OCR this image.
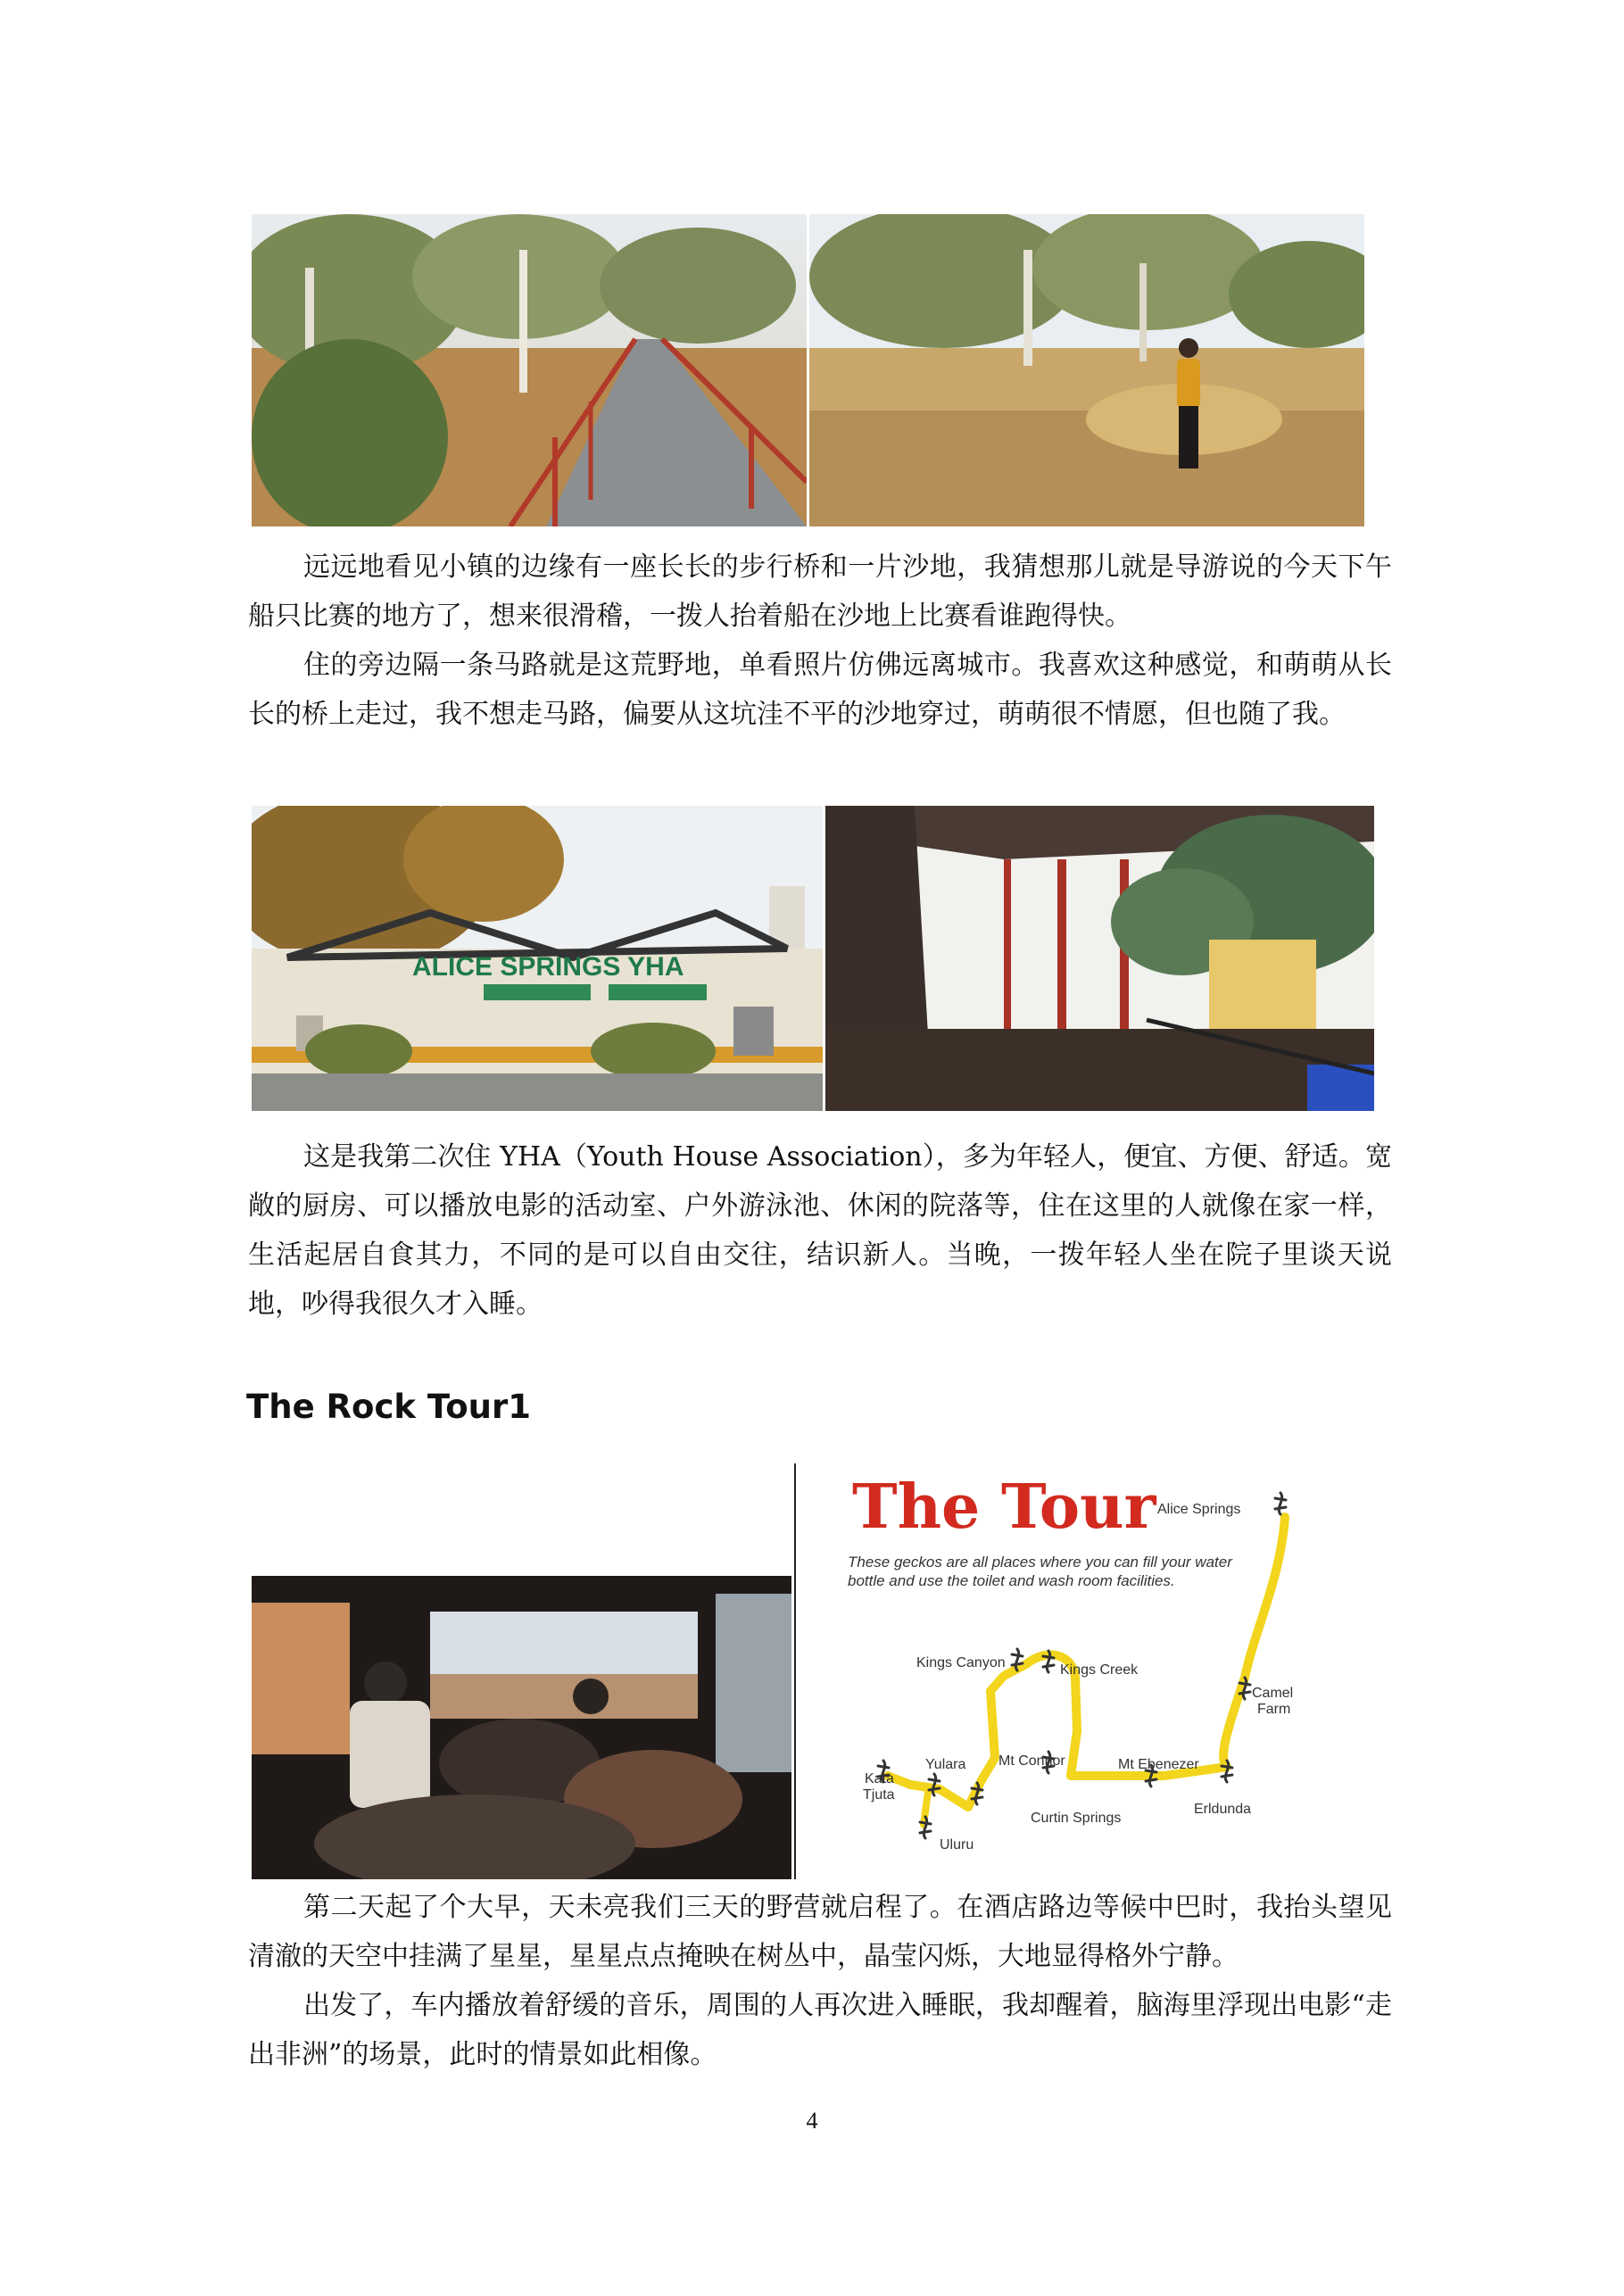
远远地看见小镇的边缘有一座长长的步行桥和一片沙地，我猜想那儿就是导游说的今天下午船只比赛的地方了，想来很滑稽，一拨人抬着船在沙地上比赛看谁跑得快。

住的旁边隔一条马路就是这荒野地，单看照片仿佛远离城市。我喜欢这种感觉，和萌萌从长长的桥上走过，我不想走马路，偏要从这坑洼不平的沙地穿过，萌萌很不情愿，但也随了我。

ALICE SPRINGS YHA

这是我第二次住 YHA（Youth House Association），多为年轻人，便宜、方便、舒适。宽敞的厨房、可以播放电影的活动室、户外游泳池、休闲的院落等，住在这里的人就像在家一样，生活起居自食其力，不同的是可以自由交往，结识新人。当晚，一拨年轻人坐在院子里谈天说地，吵得我很久才入睡。

The Rock Tour1
The Tour
These geckos are all places where you can fill your water bottle and use the toilet and wash room facilities.
Alice Springs
Kings Canyon	Kings Creek
Camel
Farm
Mt Connor	Mt Ebenezer
Erldunda
Yulara
Kata
Tjuta
Curtin Springs
Uluru

第二天起了个大早，天未亮我们三天的野营就启程了。在酒店路边等候中巴时，我抬头望见清澈的天空中挂满了星星，星星点点掩映在树丛中，晶莹闪烁，大地显得格外宁静。

出发了，车内播放着舒缓的音乐，周围的人再次进入睡眠，我却醒着，脑海里浮现出电影“走出非洲”的场景，此时的情景如此相像。

4
